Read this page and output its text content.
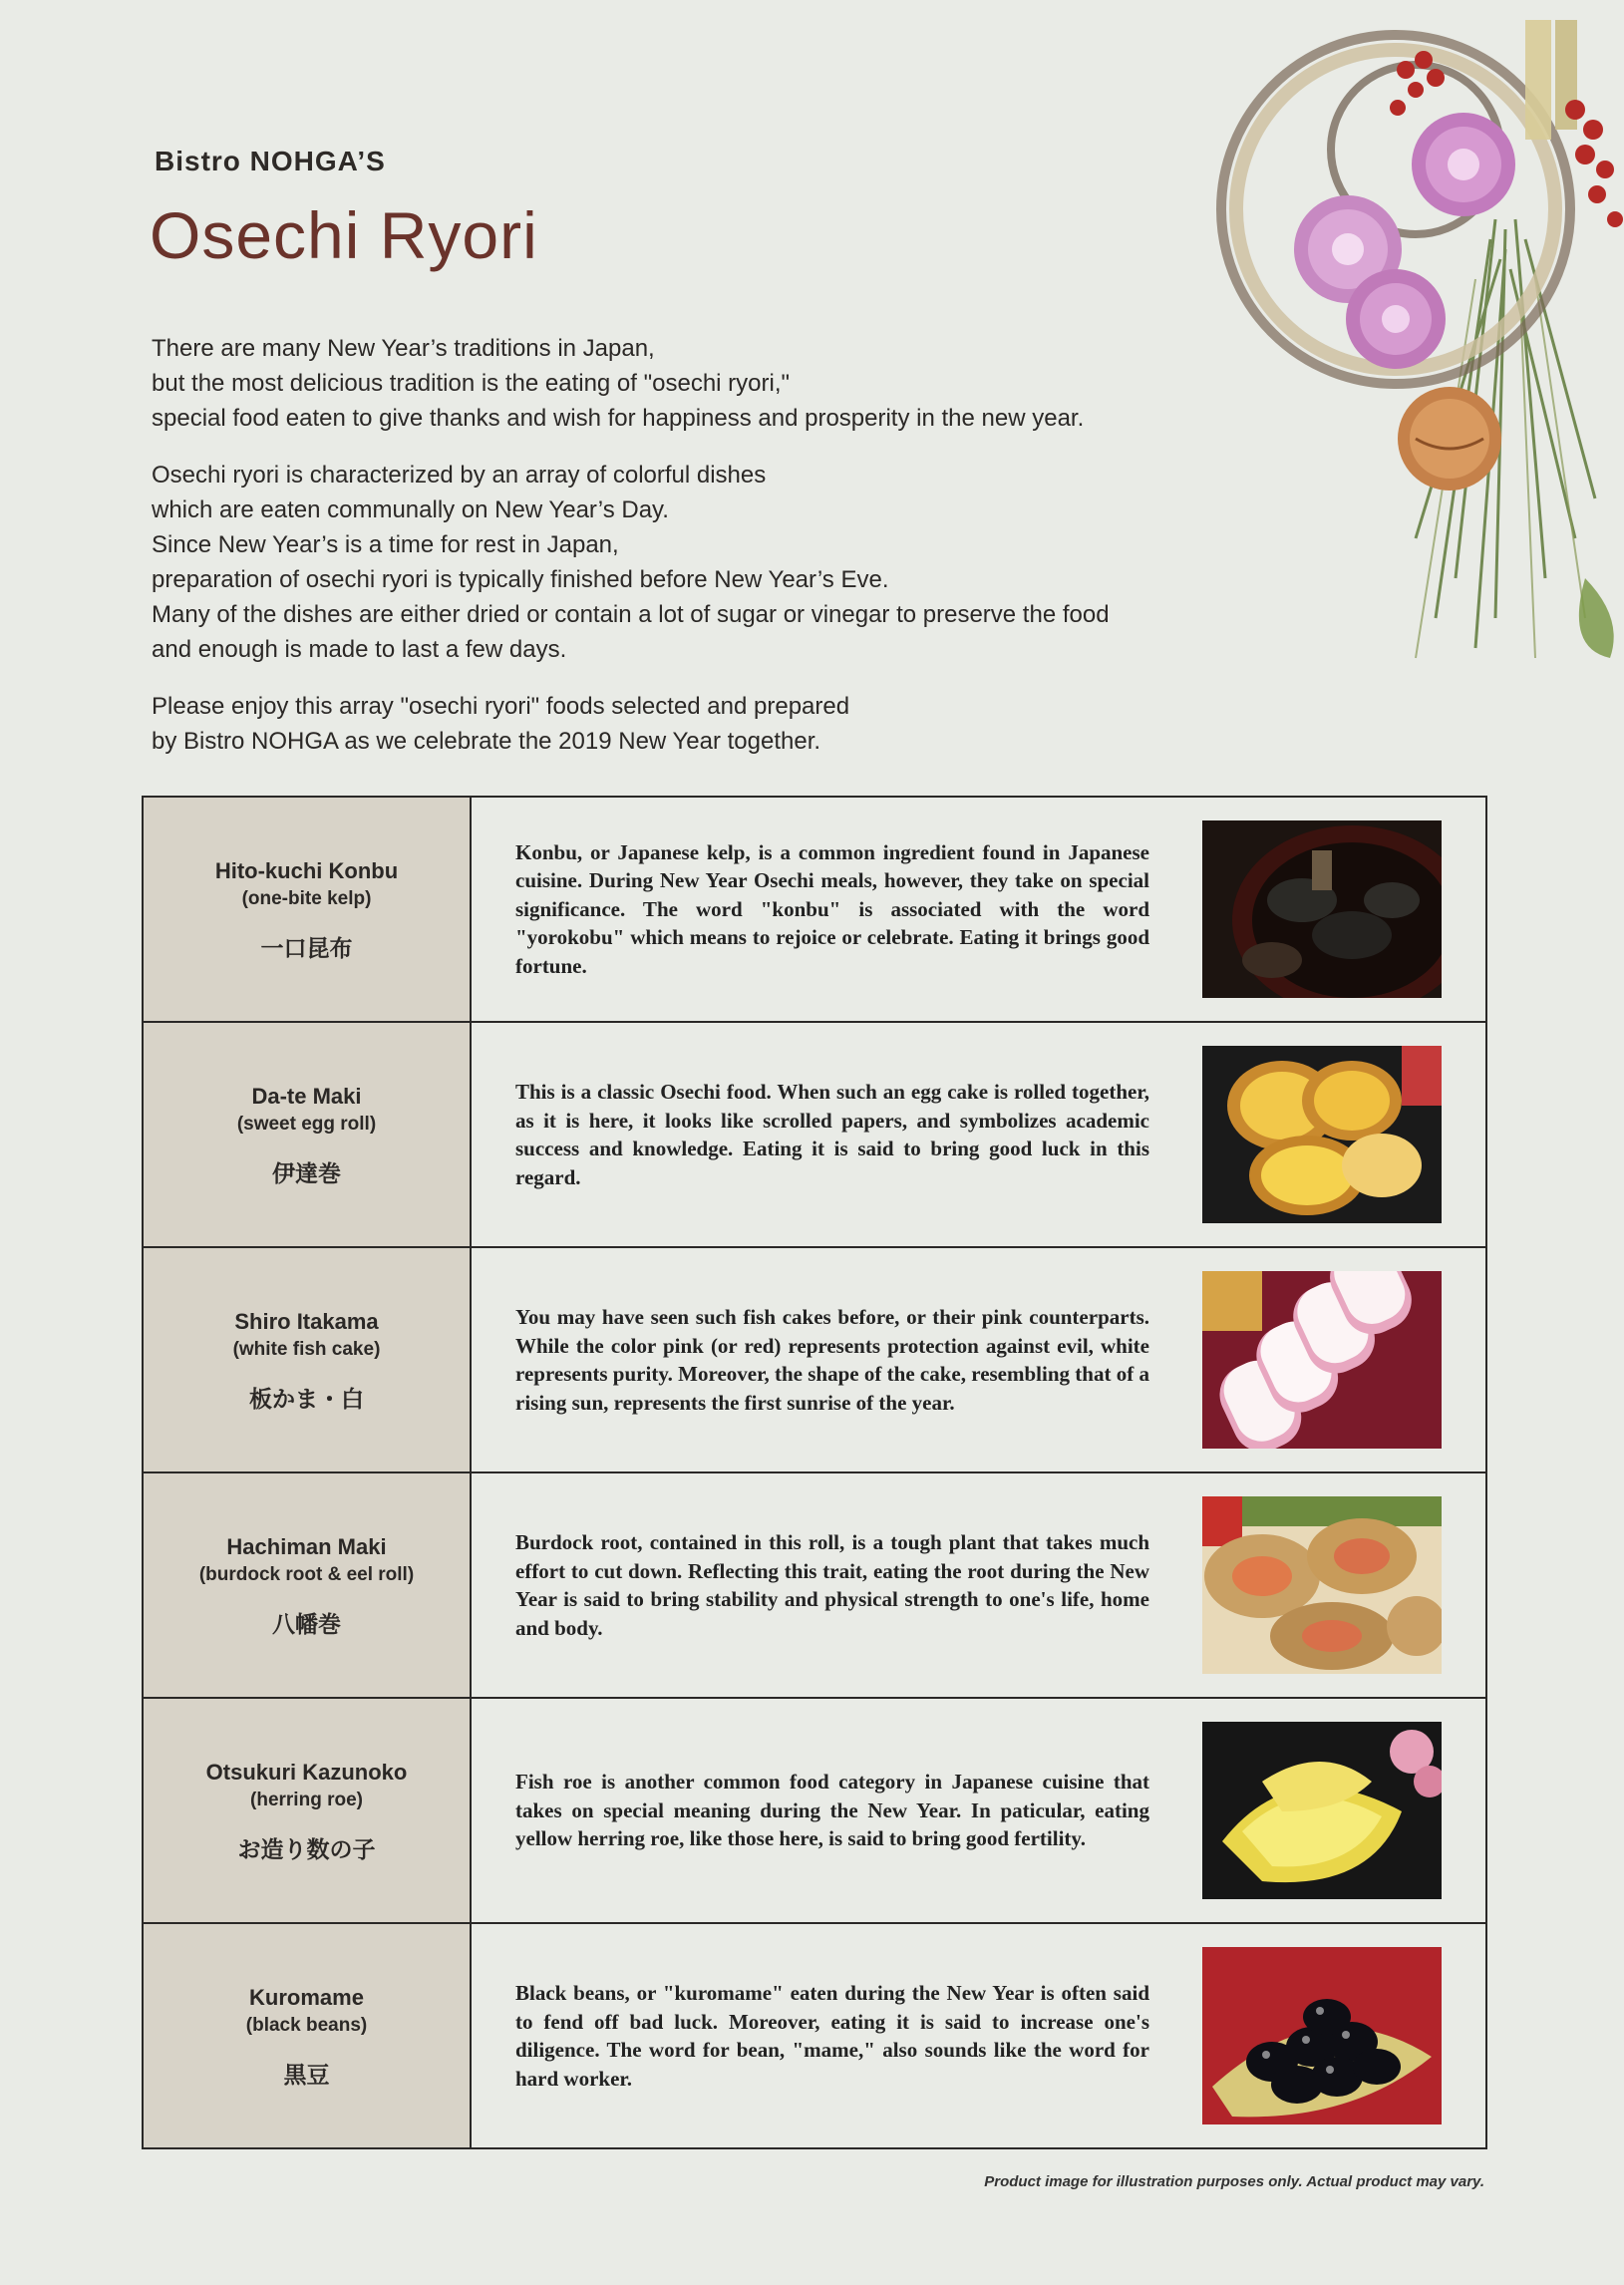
Bistro NOHGA’S
Osechi Ryori

There are many New Year’s traditions in Japan,
but the most delicious tradition is the eating of "osechi ryori,"
special food eaten to give thanks and wish for happiness and prosperity in the new year.

Osechi ryori is characterized by an array of colorful dishes
which are eaten communally on New Year’s Day.
Since New Year’s is a time for rest in Japan,
preparation of osechi ryori is typically finished before New Year’s Eve.
Many of the dishes are either dried or contain a lot of sugar or vinegar to preserve the food
and enough is made to last a few days.

Please enjoy this array "osechi ryori" foods selected and prepared
by Bistro NOHGA as we celebrate the 2019 New Year together.

Hito-kuchi Konbu
(one-bite kelp)
一口昆布
Konbu, or Japanese kelp, is a common ingredient found in Japanese cuisine. During New Year Osechi meals, however, they take on special significance. The word "konbu" is associated with the word "yorokobu" which means to rejoice or celebrate. Eating it brings good fortune.
Da-te Maki
(sweet egg roll)
伊達巻
This is a classic Osechi food. When such an egg cake is rolled together, as it is here, it looks like scrolled papers, and symbolizes academic success and knowledge. Eating it is said to bring good luck in this regard.
Shiro Itakama
(white fish cake)
板かま・白
You may have seen such fish cakes before, or their pink counterparts. While the color pink (or red) represents protection against evil, white represents purity. Moreover, the shape of the cake, resembling that of a rising sun, represents the first sunrise of the year.
Hachiman Maki
(burdock root & eel roll)
八幡巻
Burdock root, contained in this roll, is a tough plant that takes much effort to cut down. Reflecting this trait, eating the root during the New Year is said to bring stability and physical strength to one's life, home and body.
Otsukuri Kazunoko
(herring roe)
お造り数の子
Fish roe is another common food category in Japanese cuisine that takes on special meaning during the New Year. In paticular, eating yellow herring roe, like those here, is said to bring good fertility.
Kuromame
(black beans)
黒豆
Black beans, or "kuromame" eaten during the New Year is often said to fend off bad luck. Moreover, eating it is said to increase one's diligence. The word for bean, "mame," also sounds like the word for hard worker.
Product image for illustration purposes only. Actual product may vary.
